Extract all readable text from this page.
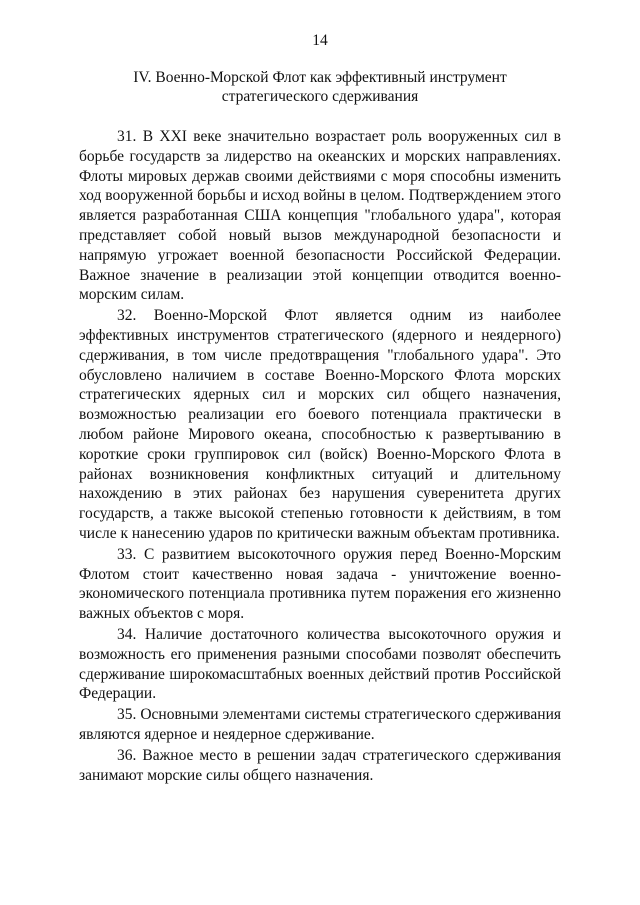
14
IV. Военно-Морской Флот как эффективный инструмент
стратегического сдерживания

31. В XXI веке значительно возрастает роль вооруженных сил в борьбе государств за лидерство на океанских и морских направлениях. Флоты мировых держав своими действиями с моря способны изменить ход вооруженной борьбы и исход войны в целом. Подтверждением этого является разработанная США концепция "глобального удара", которая представляет собой новый вызов международной безопасности и напрямую угрожает военной безопасности Российской Федерации. Важное значение в реализации этой концепции отводится военно-морским силам.

32. Военно-Морской Флот является одним из наиболее эффективных инструментов стратегического (ядерного и неядерного) сдерживания, в том числе предотвращения "глобального удара". Это обусловлено наличием в составе Военно-Морского Флота морских стратегических ядерных сил и морских сил общего назначения, возможностью реализации его боевого потенциала практически в любом районе Мирового океана, способностью к развертыванию в короткие сроки группировок сил (войск) Военно-Морского Флота в районах возникновения конфликтных ситуаций и длительному нахождению в этих районах без нарушения суверенитета других государств, а также высокой степенью готовности к действиям, в том числе к нанесению ударов по критически важным объектам противника.

33. С развитием высокоточного оружия перед Военно-Морским Флотом стоит качественно новая задача - уничтожение военно-экономического потенциала противника путем поражения его жизненно важных объектов с моря.

34. Наличие достаточного количества высокоточного оружия и возможность его применения разными способами позволят обеспечить сдерживание широкомасштабных военных действий против Российской Федерации.

35. Основными элементами системы стратегического сдерживания являются ядерное и неядерное сдерживание.

36. Важное место в решении задач стратегического сдерживания занимают морские силы общего назначения.
